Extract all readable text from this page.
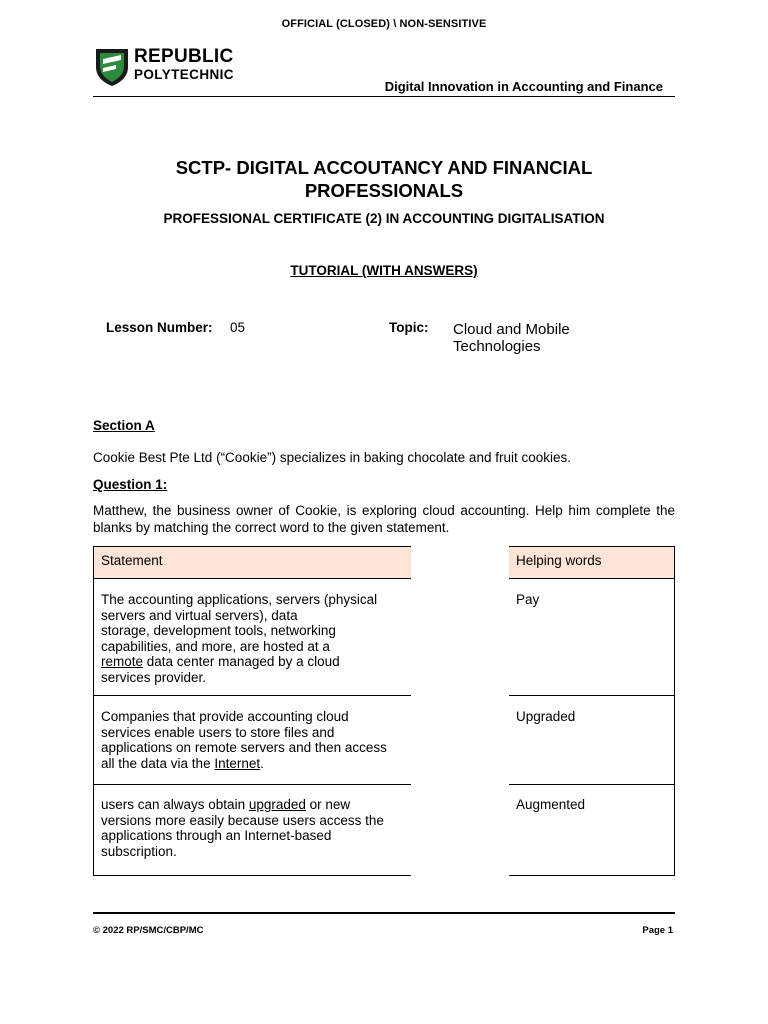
OFFICIAL (CLOSED) \ NON-SENSITIVE
REPUBLIC
POLYTECHNIC
Digital Innovation in Accounting and Finance
SCTP- DIGITAL ACCOUTANCY AND FINANCIAL
PROFESSIONALS
PROFESSIONAL CERTIFICATE (2) IN ACCOUNTING DIGITALISATION
TUTORIAL (WITH ANSWERS)
Lesson Number: 05	Topic: Cloud and Mobile
Technologies
Section A
Cookie Best Pte Ltd (“Cookie”) specializes in baking chocolate and fruit cookies.
Question 1:
Matthew, the business owner of Cookie, is exploring cloud accounting. Help him complete the blanks by matching the correct word to the given statement.
Statement
The accounting applications, servers (physical
servers and virtual servers), data
storage, development tools, networking
capabilities, and more, are hosted at a
remote data center managed by a cloud
services provider.
Companies that provide accounting cloud
services enable users to store files and
applications on remote servers and then access
all the data via the Internet.
users can always obtain upgraded or new
versions more easily because users access the
applications through an Internet-based
subscription.
Helping words
Pay
Upgraded
Augmented
© 2022 RP/SMC/CBP/MC	Page 1
